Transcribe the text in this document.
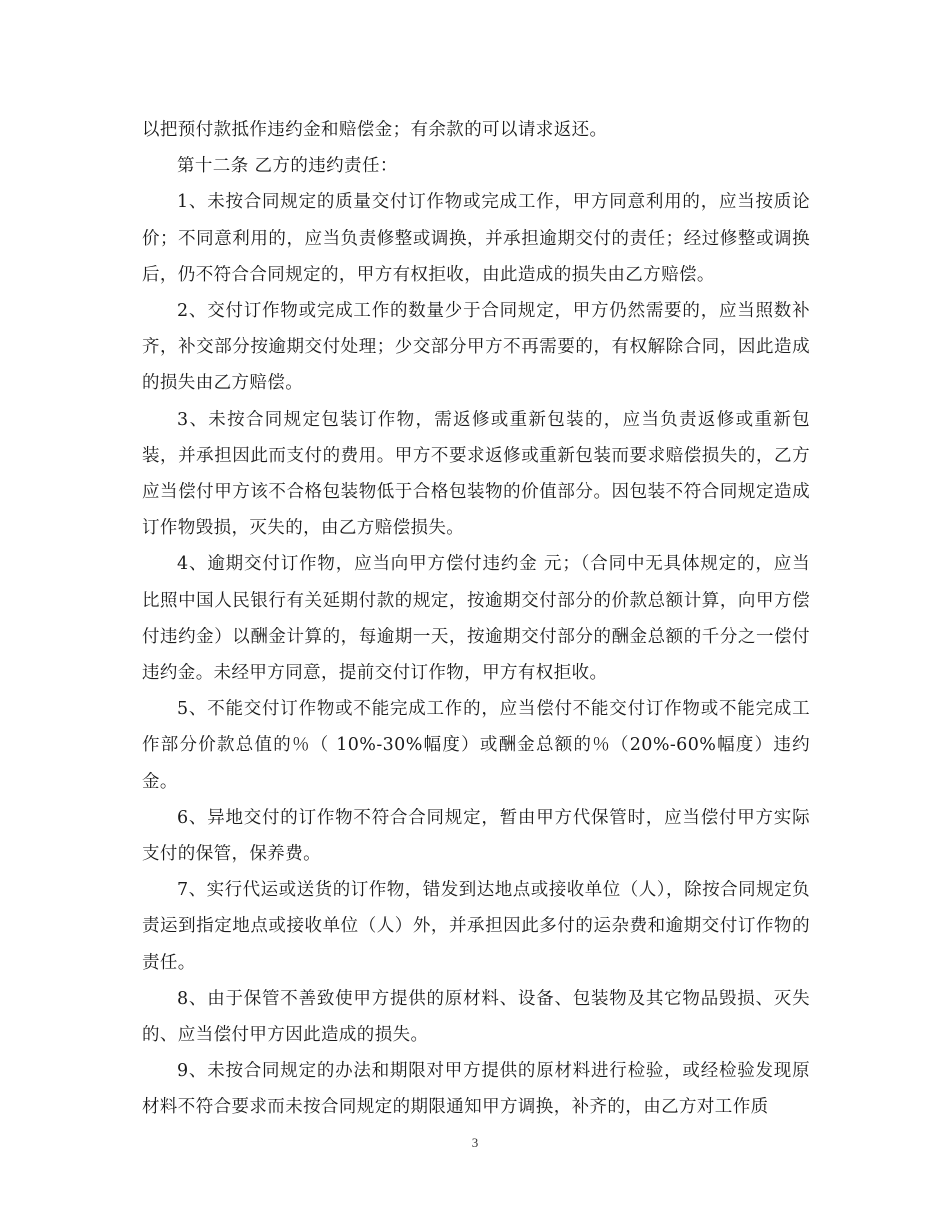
以把预付款抵作违约金和赔偿金；有余款的可以请求返还。

第十二条 乙方的违约责任：

1、未按合同规定的质量交付订作物或完成工作，甲方同意利用的，应当按质论价；不同意利用的，应当负责修整或调换，并承担逾期交付的责任；经过修整或调换后，仍不符合合同规定的，甲方有权拒收，由此造成的损失由乙方赔偿。

2、交付订作物或完成工作的数量少于合同规定，甲方仍然需要的，应当照数补齐，补交部分按逾期交付处理；少交部分甲方不再需要的，有权解除合同，因此造成的损失由乙方赔偿。

3、未按合同规定包装订作物，需返修或重新包装的，应当负责返修或重新包装，并承担因此而支付的费用。甲方不要求返修或重新包装而要求赔偿损失的，乙方应当偿付甲方该不合格包装物低于合格包装物的价值部分。因包装不符合同规定造成订作物毁损，灭失的，由乙方赔偿损失。

4、逾期交付订作物，应当向甲方偿付违约金 元；（合同中无具体规定的，应当比照中国人民银行有关延期付款的规定，按逾期交付部分的价款总额计算，向甲方偿付违约金）以酬金计算的，每逾期一天，按逾期交付部分的酬金总额的千分之一偿付违约金。未经甲方同意，提前交付订作物，甲方有权拒收。

5、不能交付订作物或不能完成工作的，应当偿付不能交付订作物或不能完成工作部分价款总值的％（ 10%-30%幅度）或酬金总额的％（20%-60%幅度）违约金。

6、异地交付的订作物不符合合同规定，暂由甲方代保管时，应当偿付甲方实际支付的保管，保养费。

7、实行代运或送货的订作物，错发到达地点或接收单位（人），除按合同规定负责运到指定地点或接收单位（人）外，并承担因此多付的运杂费和逾期交付订作物的责任。

8、由于保管不善致使甲方提供的原材料、设备、包装物及其它物品毁损、灭失的、应当偿付甲方因此造成的损失。

9、未按合同规定的办法和期限对甲方提供的原材料进行检验，或经检验发现原材料不符合要求而未按合同规定的期限通知甲方调换，补齐的，由乙方对工作质

3
